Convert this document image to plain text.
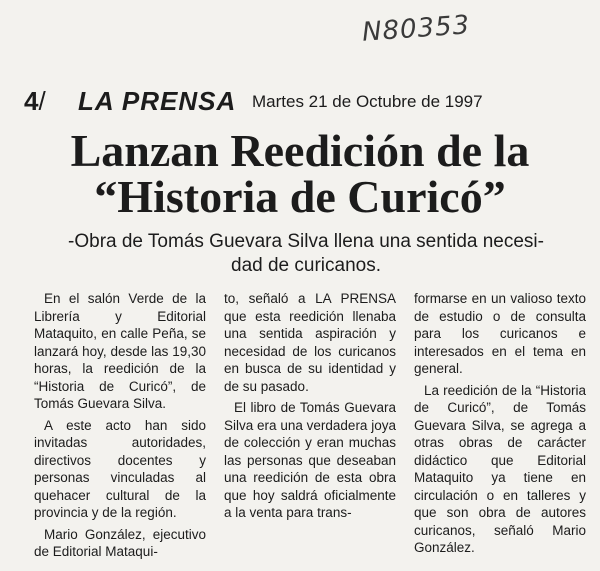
N80353
4/ LA PRENSA Martes 21 de Octubre de 1997
Lanzan Reedición de la
“Historia de Curicó”
-Obra de Tomás Guevara Silva llena una sentida necesi-
dad de curicanos.

En el salón Verde de la Librería y Editorial Mataquito, en calle Peña, se lanzará hoy, desde las 19,30 horas, la reedición de la “Historia de Curicó”, de Tomás Guevara Silva.

A este acto han sido invitadas autoridades, directivos docentes y personas vinculadas al quehacer cultural de la provincia y de la región.

Mario González, ejecutivo de Editorial Mataqui-

to, señaló a LA PRENSA que esta reedición llenaba una sentida aspiración y necesidad de los curicanos en busca de su identidad y de su pasado.

El libro de Tomás Guevara Silva era una verdadera joya de colección y eran muchas las personas que deseaban una reedición de esta obra que hoy saldrá oficialmente a la venta para trans-

formarse en un valioso texto de estudio o de consulta para los curicanos e interesados en el tema en general.

La reedición de la “Historia de Curicó”, de Tomás Guevara Silva, se agrega a otras obras de carácter didáctico que Editorial Mataquito ya tiene en circulación o en talleres y que son obra de autores curicanos, señaló Mario González.
